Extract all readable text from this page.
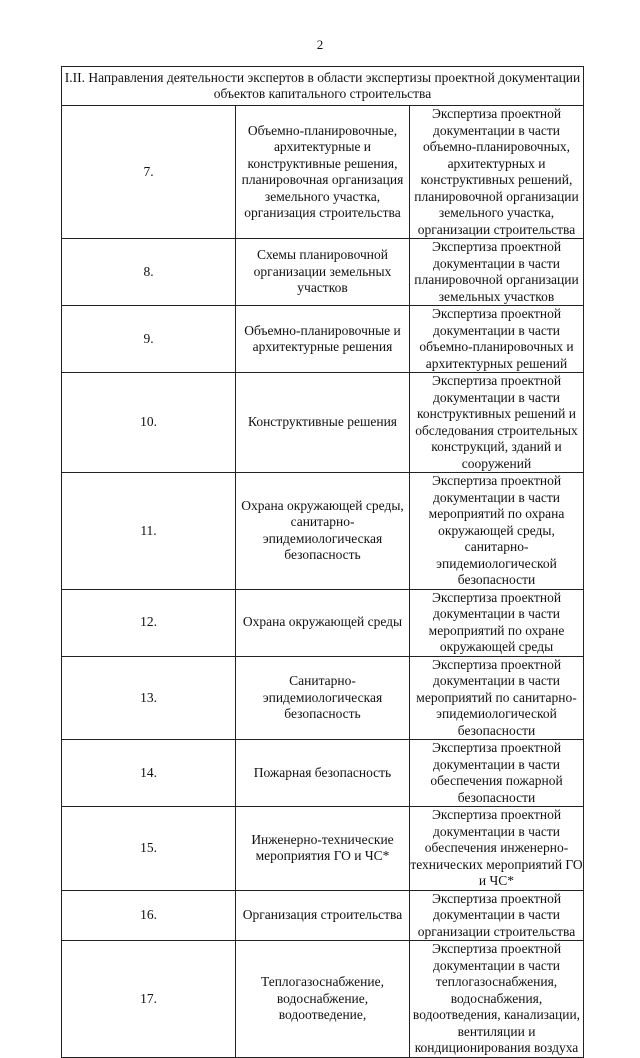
2
I.II. Направления деятельности экспертов в области экспертизы проектной документации объектов капитального строительства		
7.	Объемно-планировочные, архитектурные и конструктивные решения, планировочная организация земельного участка, организация строительства	Экспертиза проектной документации в части объемно-планировочных, архитектурных и конструктивных решений, планировочной организации земельного участка, организации строительства
8.	Схемы планировочной организации земельных участков	Экспертиза проектной документации в части планировочной организации земельных участков
9.	Объемно-планировочные и архитектурные решения	Экспертиза проектной документации в части объемно-планировочных и архитектурных решений
10.	Конструктивные решения	Экспертиза проектной документации в части конструктивных решений и обследования строительных конструкций, зданий и сооружений
11.	Охрана окружающей среды, санитарно-эпидемиологическая безопасность	Экспертиза проектной документации в части мероприятий по охрана окружающей среды, санитарно-эпидемиологической безопасности
12.	Охрана окружающей среды	Экспертиза проектной документации в части мероприятий по охране окружающей среды
13.	Санитарно-эпидемиологическая безопасность	Экспертиза проектной документации в части мероприятий по санитарно-эпидемиологической безопасности
14.	Пожарная безопасность	Экспертиза проектной документации в части обеспечения пожарной безопасности
15.	Инженерно-технические мероприятия ГО и ЧС*	Экспертиза проектной документации в части обеспечения инженерно-технических мероприятий ГО и ЧС*
16.	Организация строительства	Экспертиза проектной документации в части организации строительства
17.	Теплогазоснабжение, водоснабжение, водоотведение,	Экспертиза проектной документации в части теплогазоснабжения, водоснабжения, водоотведения, канализации, вентиляции и кондиционирования воздуха
